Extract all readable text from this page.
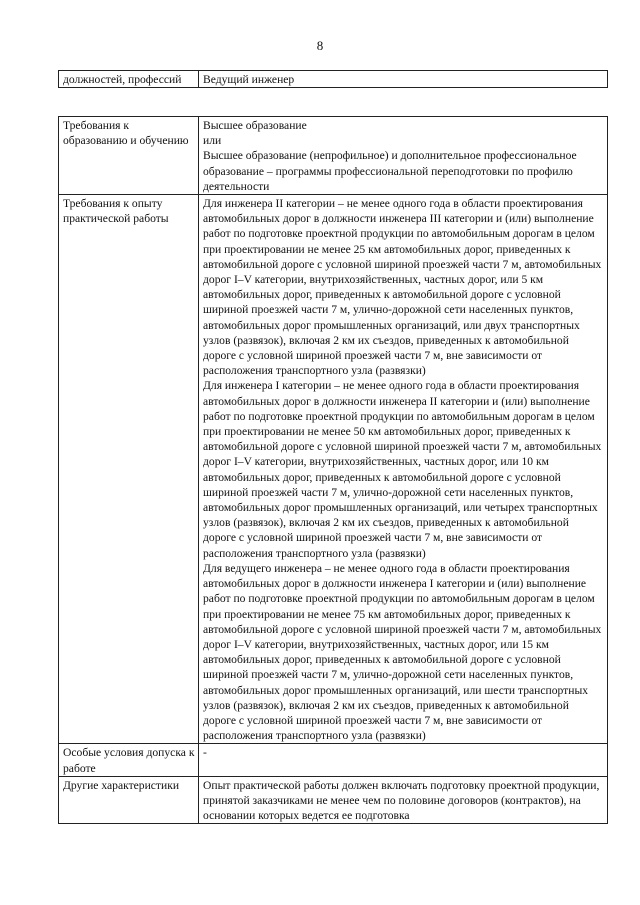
8
должностей, профессий	Ведущий инженер
Требования к образованию и обучению	Высшее образование
или
Высшее образование (непрофильное) и дополнительное профессиональное образование – программы профессиональной переподготовки по профилю деятельности

Требования к опыту практической работы	Для инженера II категории – не менее одного года в области проектирования автомобильных дорог в должности инженера III категории и (или) выполнение работ по подготовке проектной продукции по автомобильным дорогам в целом при проектировании не менее 25 км автомобильных дорог, приведенных к автомобильной дороге с условной шириной проезжей части 7 м, автомобильных дорог I–V категории, внутрихозяйственных, частных дорог, или 5 км автомобильных дорог, приведенных к автомобильной дороге с условной шириной проезжей части 7 м, улично-дорожной сети населенных пунктов, автомобильных дорог промышленных организаций, или двух транспортных узлов (развязок), включая 2 км их съездов, приведенных к автомобильной дороге с условной шириной проезжей части 7 м, вне зависимости от расположения транспортного узла (развязки)
Для инженера I категории – не менее одного года в области проектирования автомобильных дорог в должности инженера II категории и (или) выполнение работ по подготовке проектной продукции по автомобильным дорогам в целом при проектировании не менее 50 км автомобильных дорог, приведенных к автомобильной дороге с условной шириной проезжей части 7 м, автомобильных дорог I–V категории, внутрихозяйственных, частных дорог, или 10 км автомобильных дорог, приведенных к автомобильной дороге с условной шириной проезжей части 7 м, улично-дорожной сети населенных пунктов, автомобильных дорог промышленных организаций, или четырех транспортных узлов (развязок), включая 2 км их съездов, приведенных к автомобильной дороге с условной шириной проезжей части 7 м, вне зависимости от расположения транспортного узла (развязки)
Для ведущего инженера – не менее одного года в области проектирования автомобильных дорог в должности инженера I категории и (или) выполнение работ по подготовке проектной продукции по автомобильным дорогам в целом при проектировании не менее 75 км автомобильных дорог, приведенных к автомобильной дороге с условной шириной проезжей части 7 м, автомобильных дорог I–V категории, внутрихозяйственных, частных дорог, или 15 км автомобильных дорог, приведенных к автомобильной дороге с условной шириной проезжей части 7 м, улично-дорожной сети населенных пунктов, автомобильных дорог промышленных организаций, или шести транспортных узлов (развязок), включая 2 км их съездов, приведенных к автомобильной дороге с условной шириной проезжей части 7 м, вне зависимости от расположения транспортного узла (развязки)

Особые условия допуска к работе	-

Другие характеристики	Опыт практической работы должен включать подготовку проектной продукции, принятой заказчиками не менее чем по половине договоров (контрактов), на основании которых ведется ее подготовка
